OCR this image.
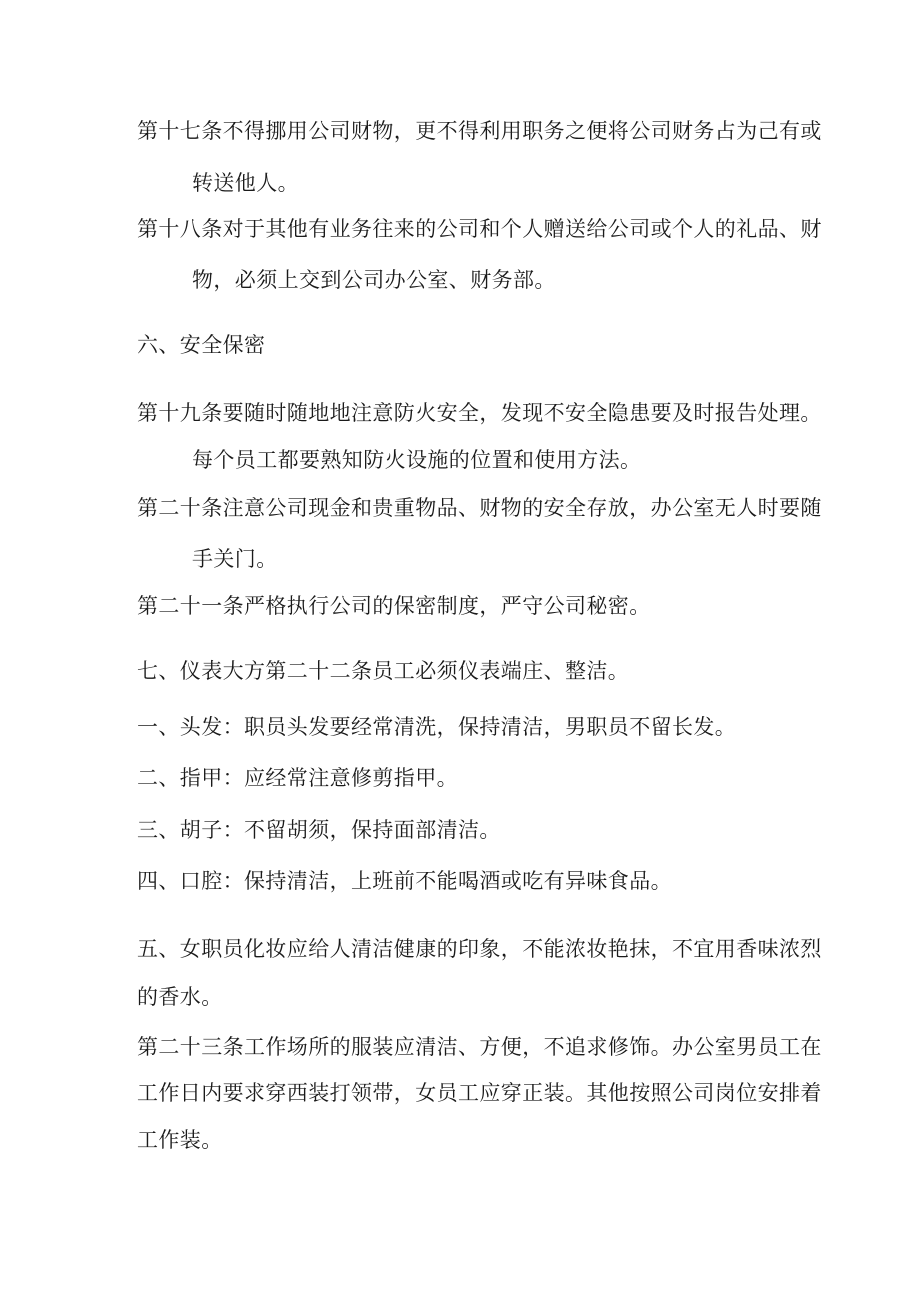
第十七条不得挪用公司财物，更不得利用职务之便将公司财务占为己有或
转送他人。
第十八条对于其他有业务往来的公司和个人赠送给公司或个人的礼品、财
物，必须上交到公司办公室、财务部。
六、安全保密
第十九条要随时随地地注意防火安全，发现不安全隐患要及时报告处理。
每个员工都要熟知防火设施的位置和使用方法。
第二十条注意公司现金和贵重物品、财物的安全存放，办公室无人时要随
手关门。
第二十一条严格执行公司的保密制度，严守公司秘密。
七、仪表大方第二十二条员工必须仪表端庄、整洁。
一、头发：职员头发要经常清洗，保持清洁，男职员不留长发。
二、指甲：应经常注意修剪指甲。
三、胡子：不留胡须，保持面部清洁。
四、口腔：保持清洁，上班前不能喝酒或吃有异味食品。
五、女职员化妆应给人清洁健康的印象，不能浓妆艳抹，不宜用香味浓烈
的香水。
第二十三条工作场所的服装应清洁、方便，不追求修饰。办公室男员工在
工作日内要求穿西装打领带，女员工应穿正装。其他按照公司岗位安排着
工作装。
